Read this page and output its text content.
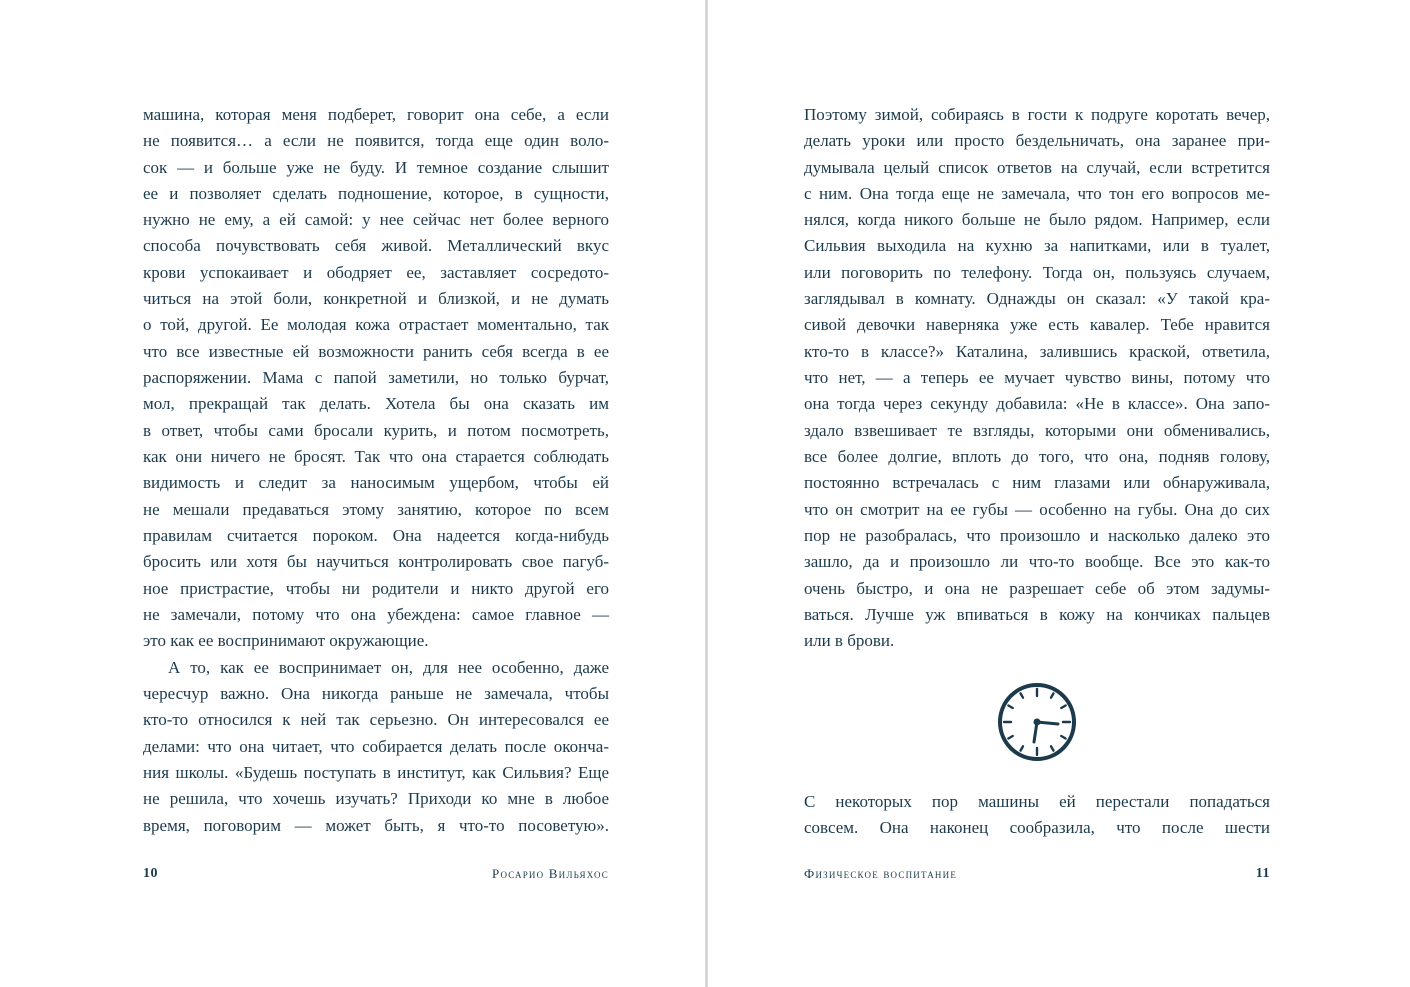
машина, которая меня подберет, говорит она себе, а если
не появится… а если не появится, тогда еще один воло-
сок — и больше уже не буду. И темное создание слышит
ее и позволяет сделать подношение, которое, в сущности,
нужно не ему, а ей самой: у нее сейчас нет более верного
способа почувствовать себя живой. Металлический вкус
крови успокаивает и ободряет ее, заставляет сосредото-
читься на этой боли, конкретной и близкой, и не думать
о той, другой. Ее молодая кожа отрастает моментально, так
что все известные ей возможности ранить себя всегда в ее
распоряжении. Мама с папой заметили, но только бурчат,
мол, прекращай так делать. Хотела бы она сказать им
в ответ, чтобы сами бросали курить, и потом посмотреть,
как они ничего не бросят. Так что она старается соблюдать
видимость и следит за наносимым ущербом, чтобы ей
не мешали предаваться этому занятию, которое по всем
правилам считается пороком. Она надеется когда-нибудь
бросить или хотя бы научиться контролировать свое пагуб-
ное пристрастие, чтобы ни родители и никто другой его
не замечали, потому что она убеждена: самое главное —
это как ее воспринимают окружающие.
А то, как ее воспринимает он, для нее особенно, даже
чересчур важно. Она никогда раньше не замечала, чтобы
кто-то относился к ней так серьезно. Он интересовался ее
делами: что она читает, что собирается делать после оконча-
ния школы. «Будешь поступать в институт, как Сильвия? Еще
не решила, что хочешь изучать? Приходи ко мне в любое
время, поговорим — может быть, я что-то посоветую».
10	Росарио Вильяхос
Поэтому зимой, собираясь в гости к подруге коротать вечер,
делать уроки или просто бездельничать, она заранее при-
думывала целый список ответов на случай, если встретится
с ним. Она тогда еще не замечала, что тон его вопросов ме-
нялся, когда никого больше не было рядом. Например, если
Сильвия выходила на кухню за напитками, или в туалет,
или поговорить по телефону. Тогда он, пользуясь случаем,
заглядывал в комнату. Однажды он сказал: «У такой кра-
сивой девочки наверняка уже есть кавалер. Тебе нравится
кто-то в классе?» Каталина, залившись краской, ответила,
что нет, — а теперь ее мучает чувство вины, потому что
она тогда через секунду добавила: «Не в классе». Она запо-
здало взвешивает те взгляды, которыми они обменивались,
все более долгие, вплоть до того, что она, подняв голову,
постоянно встречалась с ним глазами или обнаруживала,
что он смотрит на ее губы — особенно на губы. Она до сих
пор не разобралась, что произошло и насколько далеко это
зашло, да и произошло ли что-то вообще. Все это как-то
очень быстро, и она не разрешает себе об этом задумы-
ваться. Лучше уж впиваться в кожу на кончиках пальцев
или в брови.
С некоторых пор машины ей перестали попадаться
совсем. Она наконец сообразила, что после шести
Физическое воспитание	11
